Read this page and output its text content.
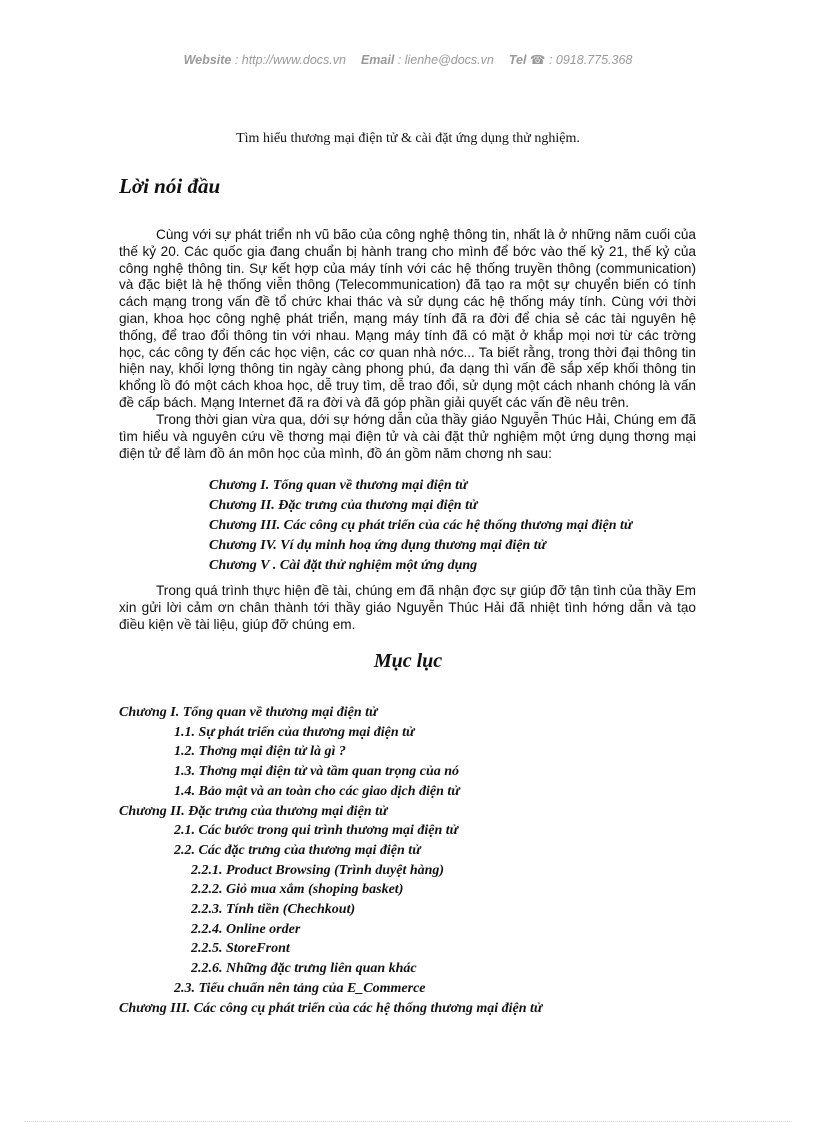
Website : http://www.docs.vn Email : lienhe@docs.vn Tel ☎ : 0918.775.368
Tìm hiểu thương mại điện tử & cài đặt ứng dụng thử nghiệm.
Lời nói đầu

Cùng với sự phát triển nh vũ bão của công nghệ thông tin, nhất là ở những năm cuối của thế kỷ 20. Các quốc gia đang chuẩn bị hành trang cho mình để bớc vào thế kỷ 21, thế kỷ của công nghệ thông tin. Sự kết hợp của máy tính với các hệ thống truyền thông (communication) và đặc biệt là hệ thống viễn thông (Telecommunication) đã tạo ra một sự chuyển biến có tính cách mạng trong vấn đề tổ chức khai thác và sử dụng các hệ thống máy tính. Cùng với thời gian, khoa học công nghệ phát triển, mạng máy tính đã ra đời để chia sẻ các tài nguyên hệ thống, để trao đổi thông tin với nhau. Mạng máy tính đã có mặt ở khắp mọi nơi từ các trờng học, các công ty đến các học viện, các cơ quan nhà nớc... Ta biết rằng, trong thời đại thông tin hiện nay, khối lợng thông tin ngày càng phong phú, đa dạng thì vấn đề sắp xếp khối thông tin khổng lồ đó một cách khoa học, dễ truy tìm, dễ trao đổi, sử dụng một cách nhanh chóng là vấn đề cấp bách. Mạng Internet đã ra đời và đã góp phần giải quyết các vấn đề nêu trên.

Trong thời gian vừa qua, dới sự hớng dẫn của thầy giáo Nguyễn Thúc Hải, Chúng em đã tìm hiểu và nguyên cứu về thơng mại điện tử và cài đặt thử nghiệm một ứng dụng thơng mại điện tử để làm đồ án môn học của mình, đồ án gồm năm chơng nh sau:

Chương I. Tổng quan về thương mại điện tử
Chương II. Đặc trưng của thương mại điện tử
Chương III. Các công cụ phát triển của các hệ thống thương mại điện tử
Chương IV. Ví dụ minh hoạ ứng dụng thương mại điện tử
Chương V . Cài đặt thử nghiệm một ứng dụng

Trong quá trình thực hiện đề tài, chúng em đã nhận đợc sự giúp đỡ tận tình của thầy Em xin gửi lời cảm ơn chân thành tới thầy giáo Nguyễn Thúc Hải đã nhiệt tình hớng dẫn và tạo điều kiện về tài liệu, giúp đỡ chúng em.

Mục lục
Chương I. Tổng quan về thương mại điện tử
1.1. Sự phát triển của thương mại điện tử
1.2. Thơng mại điện tử là gì ?
1.3. Thơng mại điện tử và tầm quan trọng của nó
1.4. Bảo mật và an toàn cho các giao dịch điện tử
Chương II. Đặc trưng của thương mại điện tử
2.1. Các bước trong qui trình thương mại điện tử
2.2. Các đặc trưng của thương mại điện tử
2.2.1. Product Browsing (Trình duyệt hàng)
2.2.2. Giỏ mua xắm (shoping basket)
2.2.3. Tính tiền (Chechkout)
2.2.4. Online order
2.2.5. StoreFront
2.2.6. Những đặc trưng liên quan khác
2.3. Tiểu chuẩn nên tảng của E_Commerce
Chương III. Các công cụ phát triển của các hệ thống thương mại điện tử
